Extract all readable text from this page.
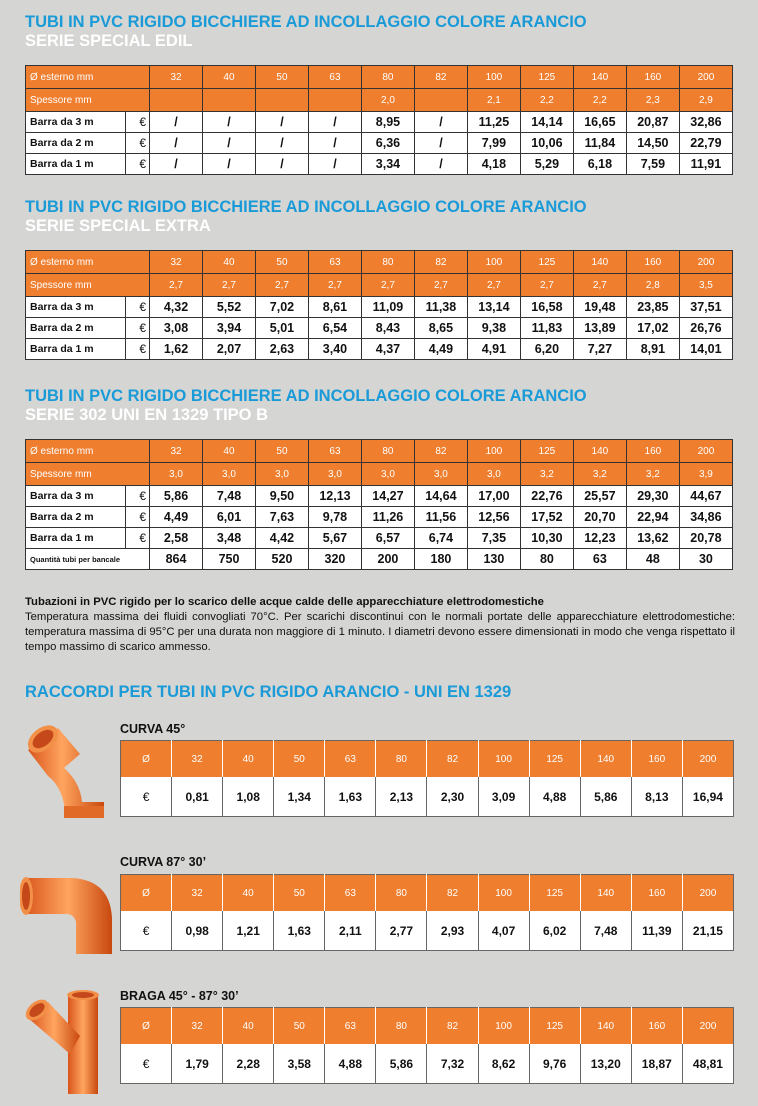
TUBI IN PVC RIGIDO BICCHIERE AD INCOLLAGGIO COLORE ARANCIO
SERIE SPECIAL EDIL
Ø esterno mm		32	40	50	63	80	82	100	125	140	160	200
Spessore mm						2,0		2,1	2,2	2,2	2,3	2,9
Barra da 3 m	€	/	/	/	/	8,95	/	11,25	14,14	16,65	20,87	32,86
Barra da 2 m	€	/	/	/	/	6,36	/	7,99	10,06	11,84	14,50	22,79
Barra da 1 m	€	/	/	/	/	3,34	/	4,18	5,29	6,18	7,59	11,91
TUBI IN PVC RIGIDO BICCHIERE AD INCOLLAGGIO COLORE ARANCIO
SERIE SPECIAL EXTRA
Ø esterno mm		32	40	50	63	80	82	100	125	140	160	200
Spessore mm		2,7	2,7	2,7	2,7	2,7	2,7	2,7	2,7	2,7	2,8	3,5
Barra da 3 m	€	4,32	5,52	7,02	8,61	11,09	11,38	13,14	16,58	19,48	23,85	37,51
Barra da 2 m	€	3,08	3,94	5,01	6,54	8,43	8,65	9,38	11,83	13,89	17,02	26,76
Barra da 1 m	€	1,62	2,07	2,63	3,40	4,37	4,49	4,91	6,20	7,27	8,91	14,01
TUBI IN PVC RIGIDO BICCHIERE AD INCOLLAGGIO COLORE ARANCIO
SERIE 302 UNI EN 1329 TIPO B
Ø esterno mm		32	40	50	63	80	82	100	125	140	160	200
Spessore mm		3,0	3,0	3,0	3,0	3,0	3,0	3,0	3,2	3,2	3,2	3,9
Barra da 3 m	€	5,86	7,48	9,50	12,13	14,27	14,64	17,00	22,76	25,57	29,30	44,67
Barra da 2 m	€	4,49	6,01	7,63	9,78	11,26	11,56	12,56	17,52	20,70	22,94	34,86
Barra da 1 m	€	2,58	3,48	4,42	5,67	6,57	6,74	7,35	10,30	12,23	13,62	20,78
Quantità tubi per bancale		864	750	520	320	200	180	130	80	63	48	30
Tubazioni in PVC rigido per lo scarico delle acque calde delle apparecchiature elettrodomestiche
Temperatura massima dei fluidi convogliati 70°C. Per scarichi discontinui con le normali portate delle apparecchiature elettrodomestiche: temperatura massima di 95°C per una durata non maggiore di 1 minuto. I diametri devono essere dimensionati in modo che venga rispettato il tempo massimo di scarico ammesso.
RACCORDI PER TUBI IN PVC RIGIDO ARANCIO - UNI EN 1329
CURVA 45°
Ø	32	40	50	63	80	82	100	125	140	160	200
€	0,81	1,08	1,34	1,63	2,13	2,30	3,09	4,88	5,86	8,13	16,94
CURVA 87° 30’
Ø	32	40	50	63	80	82	100	125	140	160	200
€	0,98	1,21	1,63	2,11	2,77	2,93	4,07	6,02	7,48	11,39	21,15
BRAGA 45° - 87° 30’
Ø	32	40	50	63	80	82	100	125	140	160	200
€	1,79	2,28	3,58	4,88	5,86	7,32	8,62	9,76	13,20	18,87	48,81
